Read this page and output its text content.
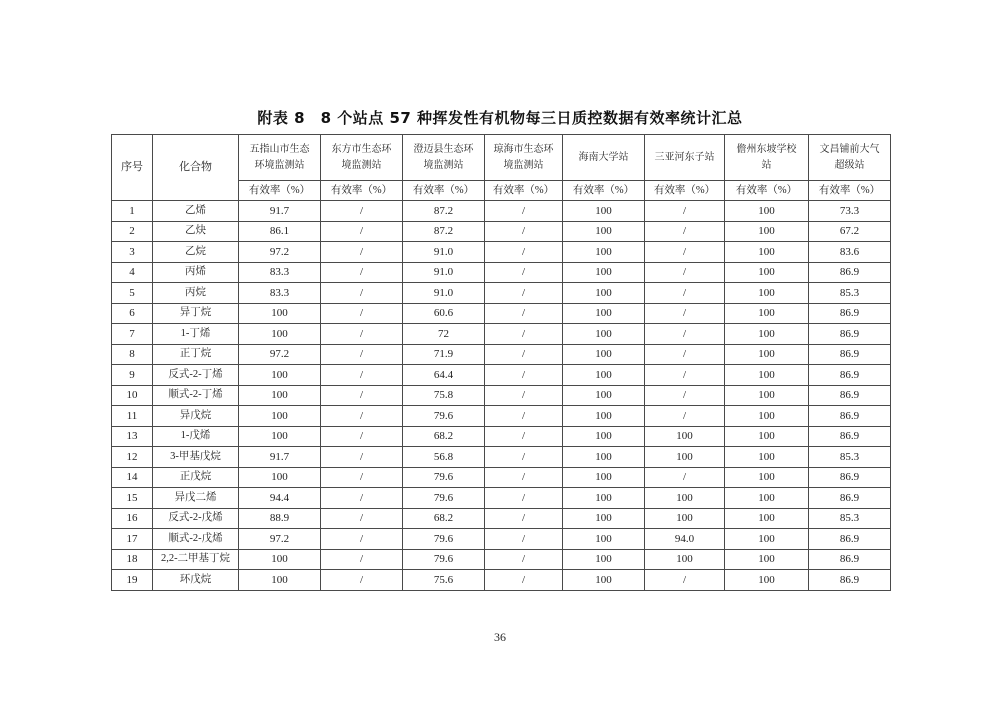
附表 8　8 个站点 57 种挥发性有机物每三日质控数据有效率统计汇总
序号	化合物	五指山市生态环境监测站	东方市生态环境监测站	澄迈县生态环境监测站	琼海市生态环境监测站	海南大学站	三亚河东子站	儋州东坡学校站	文昌铺前大气超级站
		有效率（%）	有效率（%）	有效率（%）	有效率（%）	有效率（%）	有效率（%）	有效率（%）	有效率（%）
1	乙烯	91.7	/	87.2	/	100	/	100	73.3
2	乙炔	86.1	/	87.2	/	100	/	100	67.2
3	乙烷	97.2	/	91.0	/	100	/	100	83.6
4	丙烯	83.3	/	91.0	/	100	/	100	86.9
5	丙烷	83.3	/	91.0	/	100	/	100	85.3
6	异丁烷	100	/	60.6	/	100	/	100	86.9
7	1-丁烯	100	/	72	/	100	/	100	86.9
8	正丁烷	97.2	/	71.9	/	100	/	100	86.9
9	反式-2-丁烯	100	/	64.4	/	100	/	100	86.9
10	顺式-2-丁烯	100	/	75.8	/	100	/	100	86.9
11	异戊烷	100	/	79.6	/	100	/	100	86.9
13	1-戊烯	100	/	68.2	/	100	100	100	86.9
12	3-甲基戊烷	91.7	/	56.8	/	100	100	100	85.3
14	正戊烷	100	/	79.6	/	100	/	100	86.9
15	异戊二烯	94.4	/	79.6	/	100	100	100	86.9
16	反式-2-戊烯	88.9	/	68.2	/	100	100	100	85.3
17	顺式-2-戊烯	97.2	/	79.6	/	100	94.0	100	86.9
18	2,2-二甲基丁烷	100	/	79.6	/	100	100	100	86.9
19	环戊烷	100	/	75.6	/	100	/	100	86.9
36
